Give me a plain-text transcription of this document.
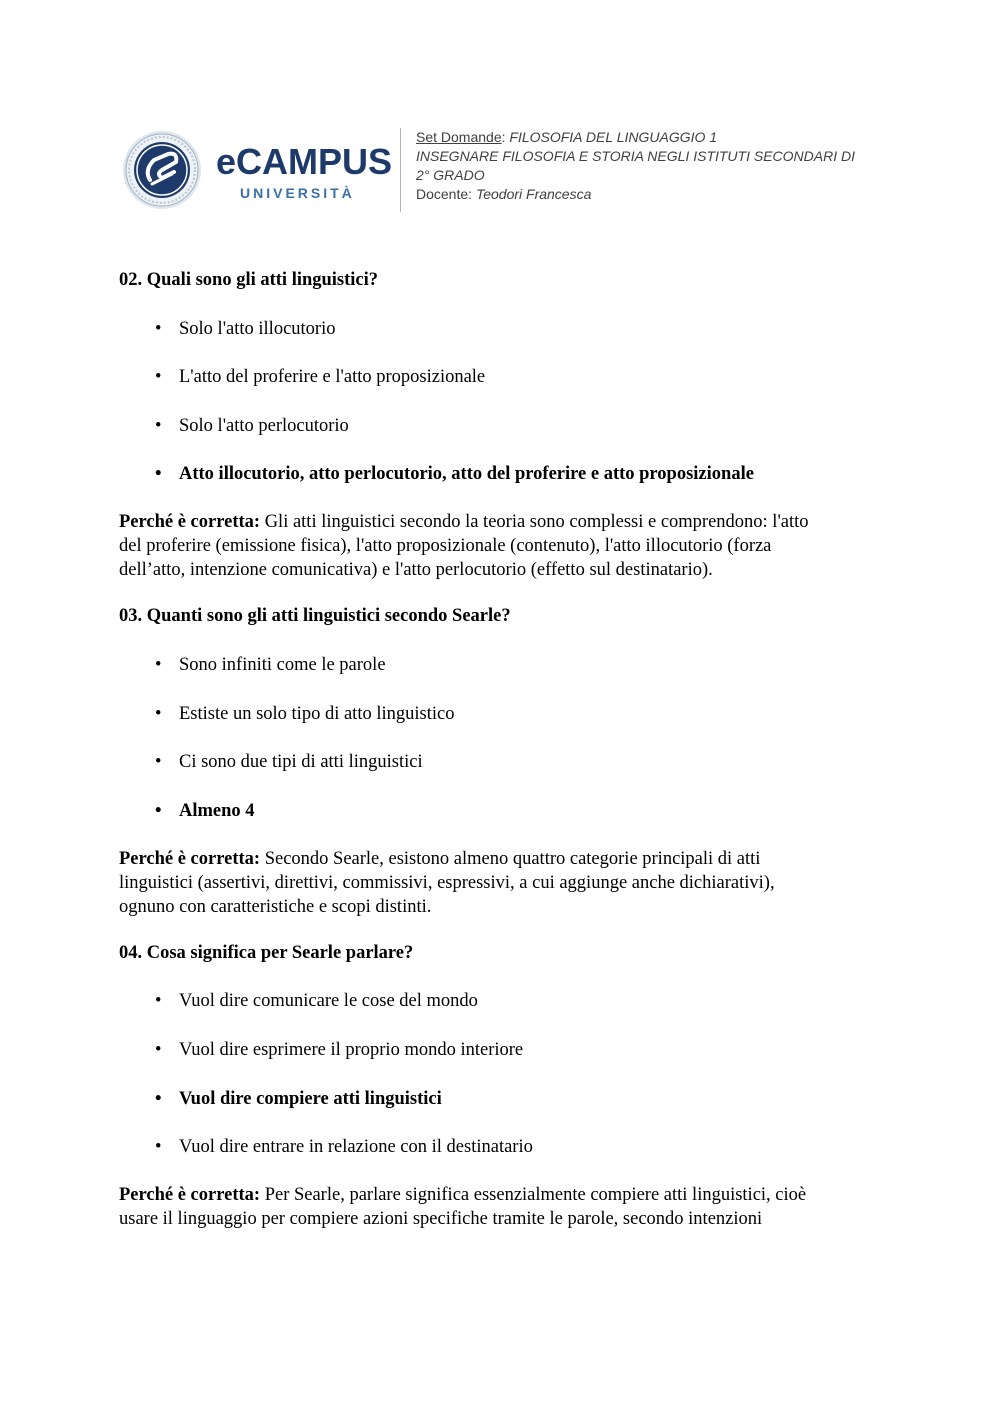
eCAMPUS
UNIVERSITÀ
Set Domande: FILOSOFIA DEL LINGUAGGIO 1
INSEGNARE FILOSOFIA E STORIA NEGLI ISTITUTI SECONDARI DI
2° GRADO
Docente: Teodori Francesca

02. Quali sono gli atti linguistici?

• Solo l'atto illocutorio
• L'atto del proferire e l'atto proposizionale
• Solo l'atto perlocutorio
• Atto illocutorio, atto perlocutorio, atto del proferire e atto proposizionale

Perché è corretta: Gli atti linguistici secondo la teoria sono complessi e comprendono: l'atto
del proferire (emissione fisica), l'atto proposizionale (contenuto), l'atto illocutorio (forza
dell’atto, intenzione comunicativa) e l'atto perlocutorio (effetto sul destinatario).

03. Quanti sono gli atti linguistici secondo Searle?

• Sono infiniti come le parole
• Estiste un solo tipo di atto linguistico
• Ci sono due tipi di atti linguistici
• Almeno 4

Perché è corretta: Secondo Searle, esistono almeno quattro categorie principali di atti
linguistici (assertivi, direttivi, commissivi, espressivi, a cui aggiunge anche dichiarativi),
ognuno con caratteristiche e scopi distinti.

04. Cosa significa per Searle parlare?

• Vuol dire comunicare le cose del mondo
• Vuol dire esprimere il proprio mondo interiore
• Vuol dire compiere atti linguistici
• Vuol dire entrare in relazione con il destinatario

Perché è corretta: Per Searle, parlare significa essenzialmente compiere atti linguistici, cioè
usare il linguaggio per compiere azioni specifiche tramite le parole, secondo intenzioni
